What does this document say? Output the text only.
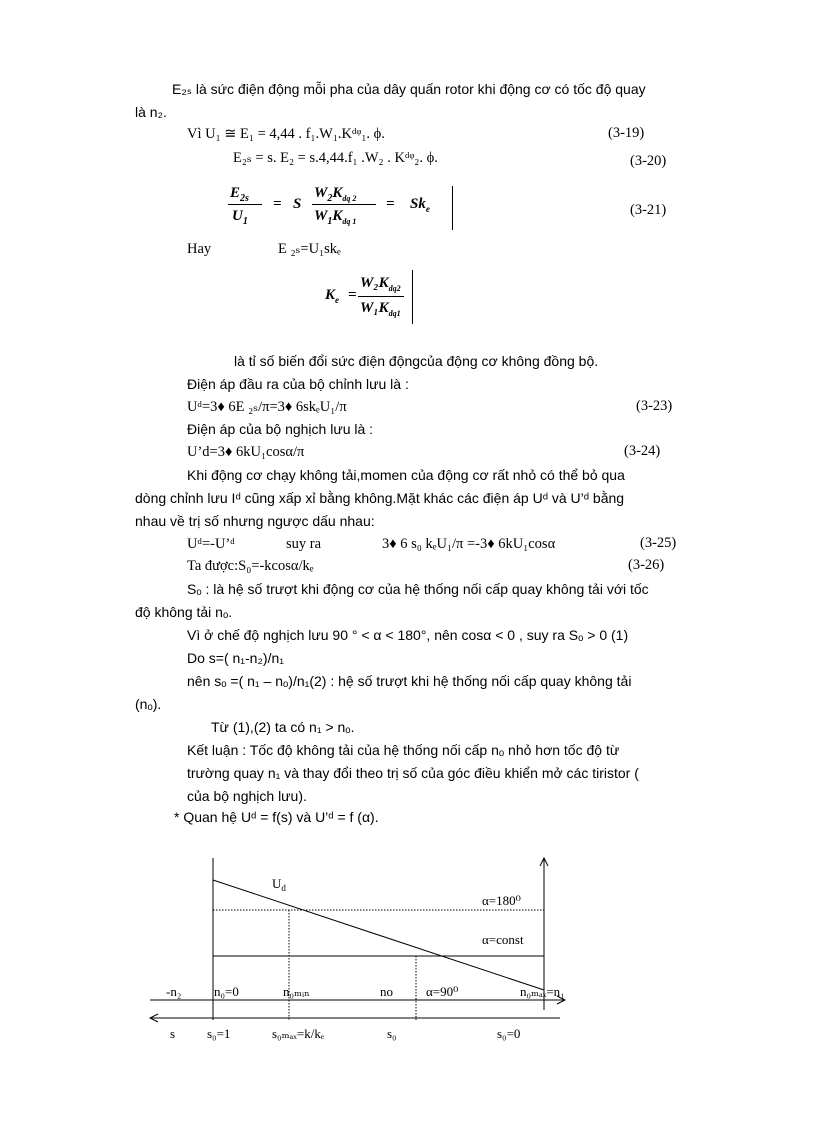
E₂ₛ là sức điện động mỗi pha của dây quấn rotor khi động cơ có tốc độ quay
là n₂.
Vì U₁ ≅ E₁ = 4,44 . f₁.W₁.Kᵈᵠ₁. ϕ.	(3-19)
E₂ₛ = s. E₂ = s.4,44.f₁ .W₂ . Kᵈᵠ₂. ϕ.	(3-20)
$E_{2s}$
$U_1$
= S
$W_2K_{dq 2}$
$W_1K_{dq 1}$
= $Sk_e$	(3-21)
Hay	E ₂ₛ=U₁skₑ
$K_e$ =
$W_2K_{dq2}$
$W_1K_{dq1}$
là tỉ số biến đổi sức điện độngcủa động cơ không đồng bộ.
Điện áp đầu ra của bộ chỉnh lưu là :
Uᵈ=3♦ 6E ₂ₛ/π=3♦ 6skₑU₁/π	(3-23)
Điện áp của bộ nghịch lưu là :
U’d=3♦ 6kU₁cosα/π	(3-24)
Khi động cơ chạy không tải,momen của động cơ rất nhỏ có thể bỏ qua
dòng chỉnh lưu Iᵈ cũng xấp xỉ bằng không.Mặt khác các điện áp Uᵈ và U’ᵈ bằng
nhau về trị số nhưng ngược dấu nhau:
Uᵈ=-U’ᵈ	suy ra	3♦ 6 s₀ kₑU₁/π =-3♦ 6kU₁cosα	(3-25)
Ta được:S₀=-kcosα/kₑ	(3-26)
Sₒ : là hệ số trượt khi động cơ của hệ thống nối cấp quay không tải với tốc
độ không tải nₒ.
Vì ở chế độ nghịch lưu 90 ° < α < 180°, nên cosα < 0 , suy ra Sₒ > 0 (1)
Do s=( n₁-n₂)/n₁
nên sₒ =( n₁ – nₒ)/n₁(2) : hệ số trượt khi hệ thống nối cấp quay không tải
(nₒ).
Từ (1),(2) ta có n₁ > nₒ.
Kết luận : Tốc độ không tải của hệ thống nối cấp nₒ nhỏ hơn tốc độ từ
trường quay n₁ và thay đổi theo trị số của góc điều khiển mở các tiristor (
của bộ nghịch lưu).
* Quan hệ Uᵈ = f(s) và U’ᵈ = f (α).
$U_d$
α=180⁰
α=const
-n₂	n₀=0	n₀ₘᵢₙ	no	α=90⁰	n₀ₘₐₓ=n₁
s s₀=1	s₀ₘₐₓ=k/kₑ	s₀	s₀=0
